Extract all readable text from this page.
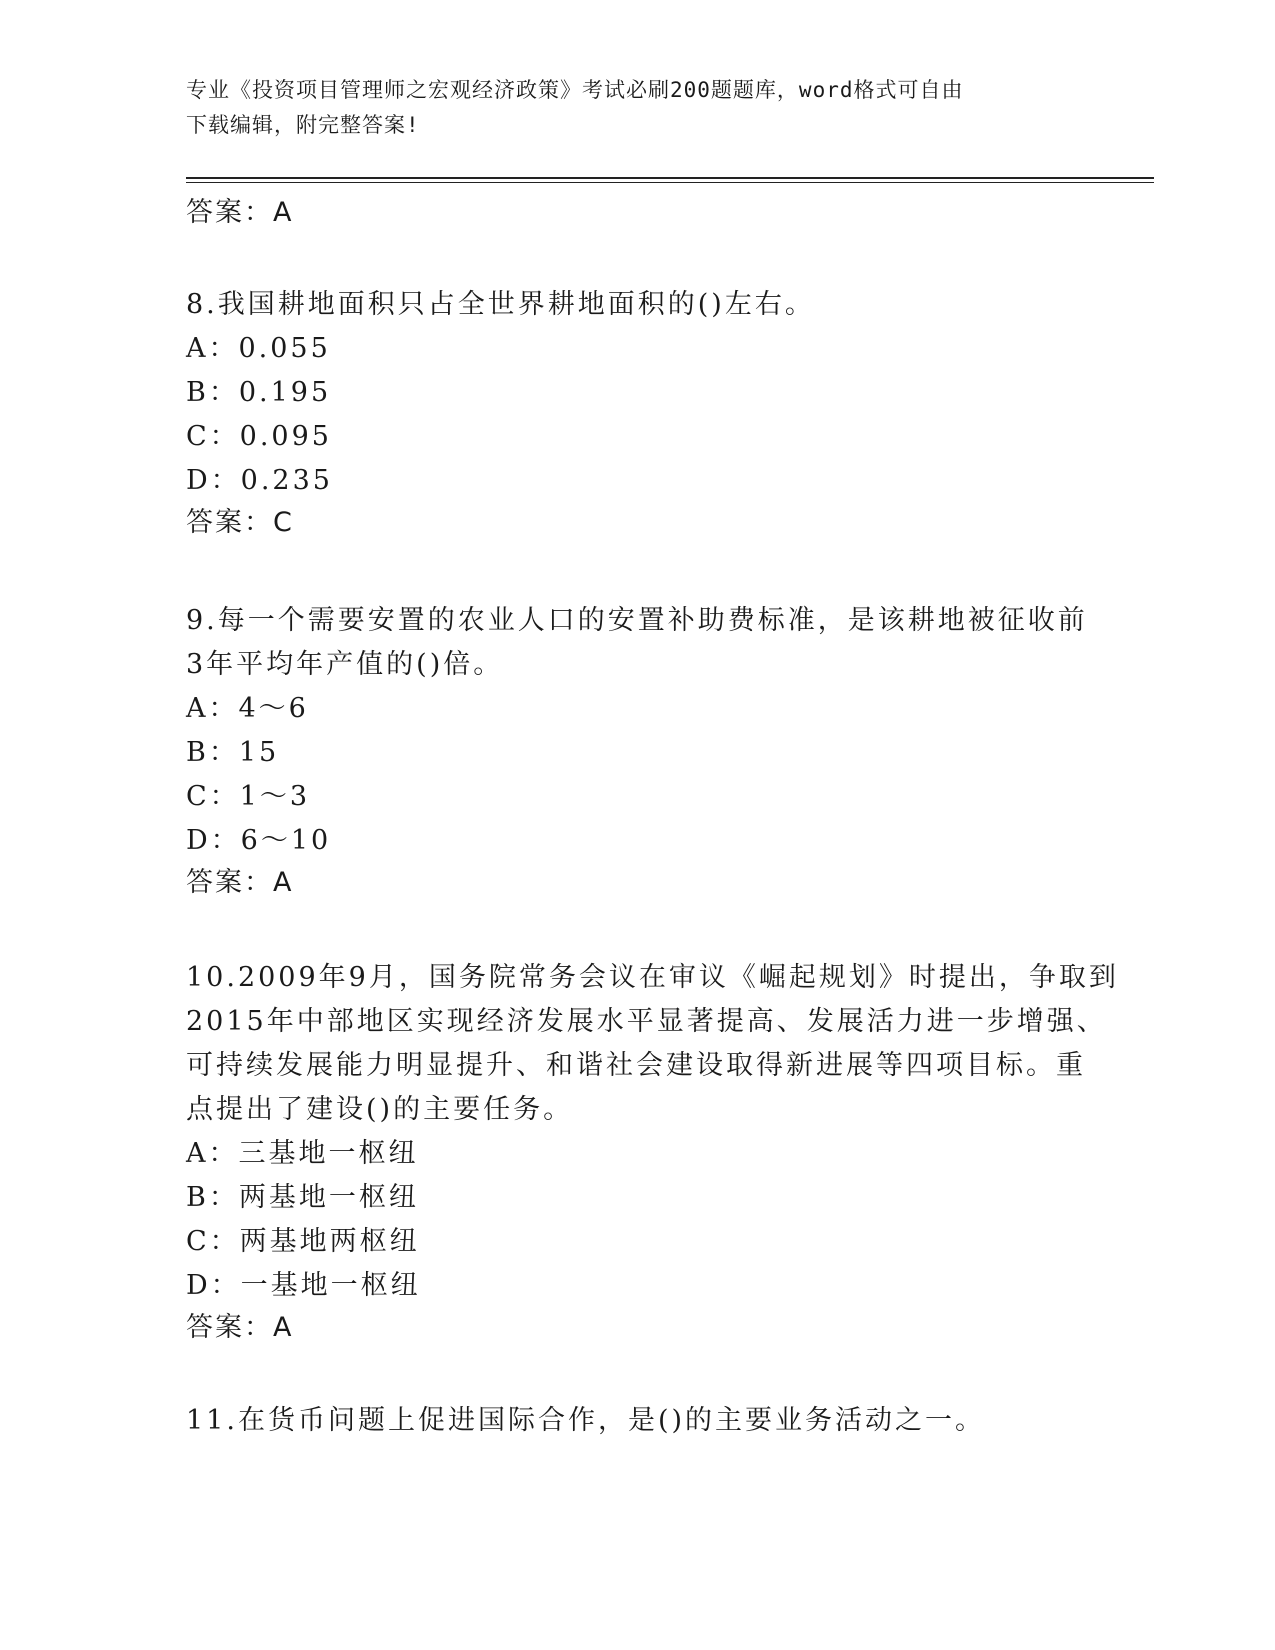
专业《投资项目管理师之宏观经济政策》考试必刷200题题库，word格式可自由
下载编辑，附完整答案!
答案：A
8.我国耕地面积只占全世界耕地面积的()左右。
A：0.055
B：0.195
C：0.095
D：0.235
答案：C
9.每一个需要安置的农业人口的安置补助费标准，是该耕地被征收前
3年平均年产值的()倍。
A：4～6
B：15
C：1～3
D：6～10
答案：A
10.2009年9月，国务院常务会议在审议《崛起规划》时提出，争取到
2015年中部地区实现经济发展水平显著提高、发展活力进一步增强、
可持续发展能力明显提升、和谐社会建设取得新进展等四项目标。重
点提出了建设()的主要任务。
A：三基地一枢纽
B：两基地一枢纽
C：两基地两枢纽
D：一基地一枢纽
答案：A
11.在货币问题上促进国际合作，是()的主要业务活动之一。
